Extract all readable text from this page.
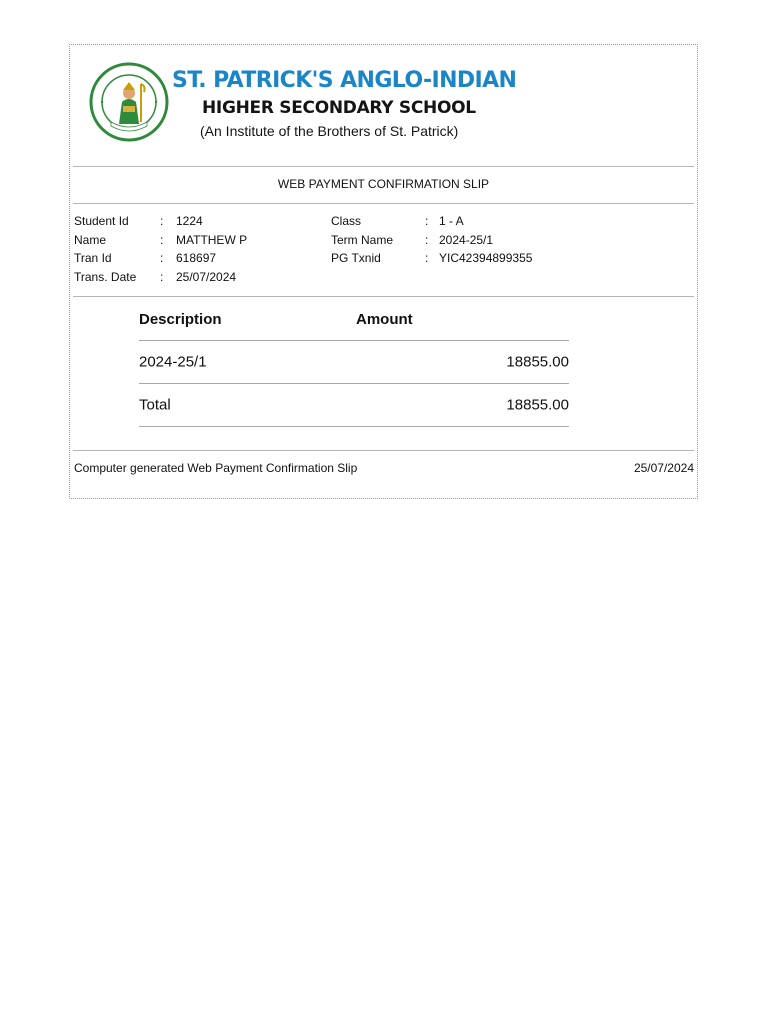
ST. PATRICK'S ANGLO-INDIAN
HIGHER SECONDARY SCHOOL
(An Institute of the Brothers of St. Patrick)
WEB PAYMENT CONFIRMATION SLIP
Student Id	:	1224
Name	:	MATTHEW P
Tran Id	:	618697
Trans. Date	:	25/07/2024
Class	: 1 - A
Term Name	: 2024-25/1
PG Txnid	: YIC42394899355
Description	Amount
2024-25/1	18855.00
Total	18855.00
Computer generated Web Payment Confirmation Slip	25/07/2024
